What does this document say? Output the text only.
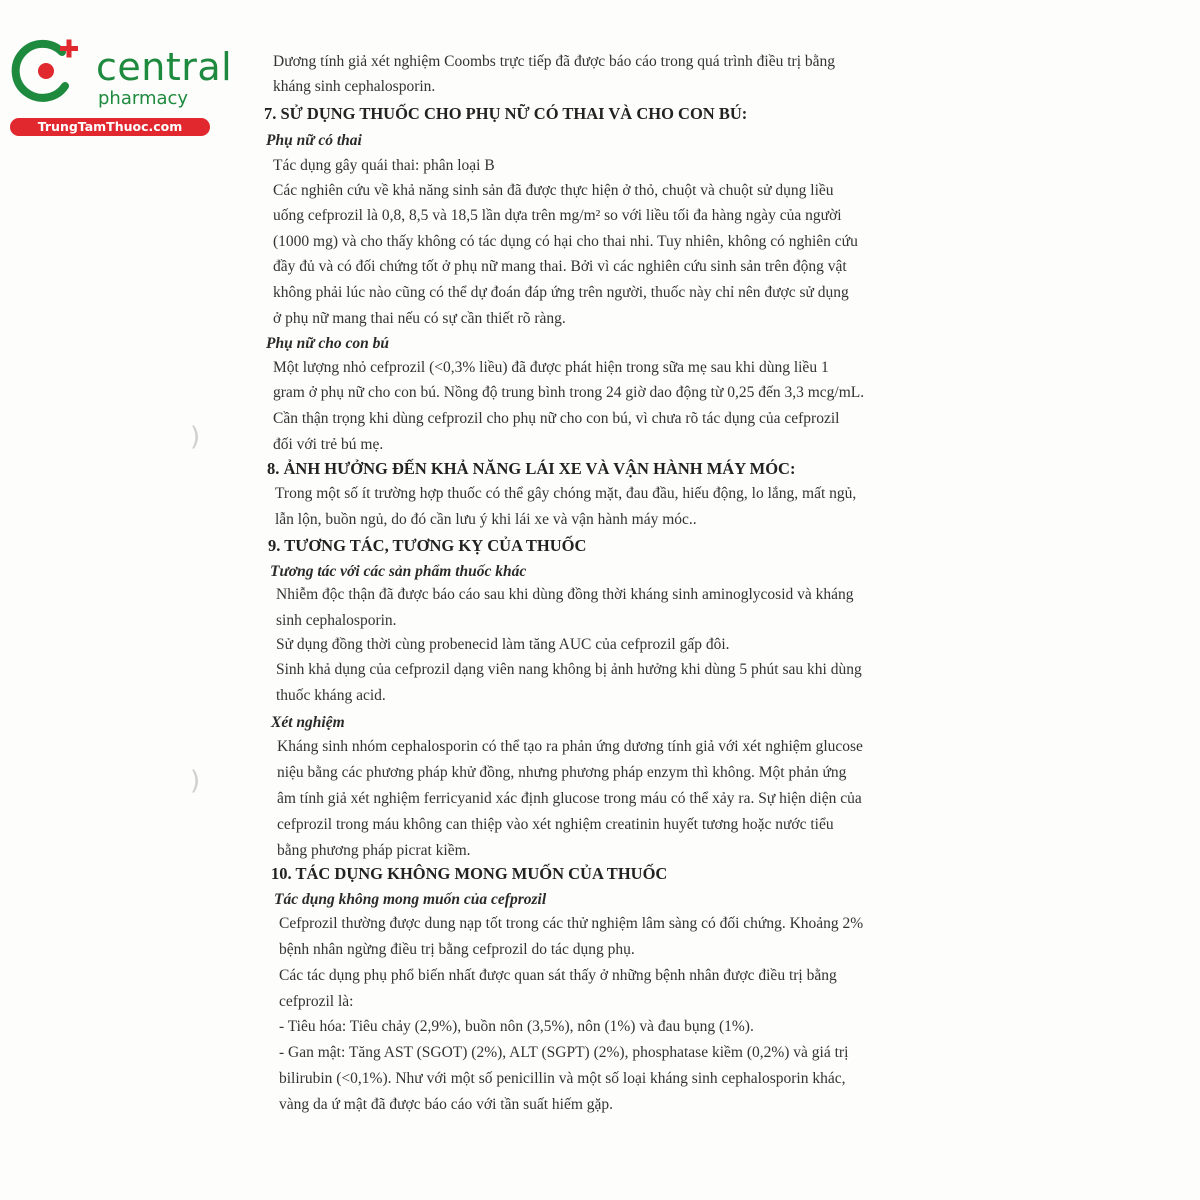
central
pharmacy
TrungTamThuoc.com
)
)
Dương tính giả xét nghiệm Coombs trực tiếp đã được báo cáo trong quá trình điều trị bằng
kháng sinh cephalosporin.
7. SỬ DỤNG THUỐC CHO PHỤ NỮ CÓ THAI VÀ CHO CON BÚ:
Phụ nữ có thai
Tác dụng gây quái thai: phân loại B
Các nghiên cứu về khả năng sinh sản đã được thực hiện ở thỏ, chuột và chuột sử dụng liều
uống cefprozil là 0,8, 8,5 và 18,5 lần dựa trên mg/m² so với liều tối đa hàng ngày của người
(1000 mg) và cho thấy không có tác dụng có hại cho thai nhi. Tuy nhiên, không có nghiên cứu
đầy đủ và có đối chứng tốt ở phụ nữ mang thai. Bởi vì các nghiên cứu sinh sản trên động vật
không phải lúc nào cũng có thể dự đoán đáp ứng trên người, thuốc này chỉ nên được sử dụng
ở phụ nữ mang thai nếu có sự cần thiết rõ ràng.
Phụ nữ cho con bú
Một lượng nhỏ cefprozil (<0,3% liều) đã được phát hiện trong sữa mẹ sau khi dùng liều 1
gram ở phụ nữ cho con bú. Nồng độ trung bình trong 24 giờ dao động từ 0,25 đến 3,3 mcg/mL.
Cần thận trọng khi dùng cefprozil cho phụ nữ cho con bú, vì chưa rõ tác dụng của cefprozil
đối với trẻ bú mẹ.
8. ẢNH HƯỞNG ĐẾN KHẢ NĂNG LÁI XE VÀ VẬN HÀNH MÁY MÓC:
Trong một số ít trường hợp thuốc có thể gây chóng mặt, đau đầu, hiếu động, lo lắng, mất ngủ,
lẫn lộn, buồn ngủ, do đó cần lưu ý khi lái xe và vận hành máy móc..
9. TƯƠNG TÁC, TƯƠNG KỴ CỦA THUỐC
Tương tác với các sản phẩm thuốc khác
Nhiễm độc thận đã được báo cáo sau khi dùng đồng thời kháng sinh aminoglycosid và kháng
sinh cephalosporin.
Sử dụng đồng thời cùng probenecid làm tăng AUC của cefprozil gấp đôi.
Sinh khả dụng của cefprozil dạng viên nang không bị ảnh hưởng khi dùng 5 phút sau khi dùng
thuốc kháng acid.
Xét nghiệm
Kháng sinh nhóm cephalosporin có thể tạo ra phản ứng dương tính giả với xét nghiệm glucose
niệu bằng các phương pháp khử đồng, nhưng phương pháp enzym thì không. Một phản ứng
âm tính giả xét nghiệm ferricyanid xác định glucose trong máu có thể xảy ra. Sự hiện diện của
cefprozil trong máu không can thiệp vào xét nghiệm creatinin huyết tương hoặc nước tiểu
bằng phương pháp picrat kiềm.
10. TÁC DỤNG KHÔNG MONG MUỐN CỦA THUỐC
Tác dụng không mong muốn của cefprozil
Cefprozil thường được dung nạp tốt trong các thử nghiệm lâm sàng có đối chứng. Khoảng 2%
bệnh nhân ngừng điều trị bằng cefprozil do tác dụng phụ.
Các tác dụng phụ phổ biến nhất được quan sát thấy ở những bệnh nhân được điều trị bằng
cefprozil là:
- Tiêu hóa: Tiêu chảy (2,9%), buồn nôn (3,5%), nôn (1%) và đau bụng (1%).
- Gan mật: Tăng AST (SGOT) (2%), ALT (SGPT) (2%), phosphatase kiềm (0,2%) và giá trị
bilirubin (<0,1%). Như với một số penicillin và một số loại kháng sinh cephalosporin khác,
vàng da ứ mật đã được báo cáo với tần suất hiếm gặp.
